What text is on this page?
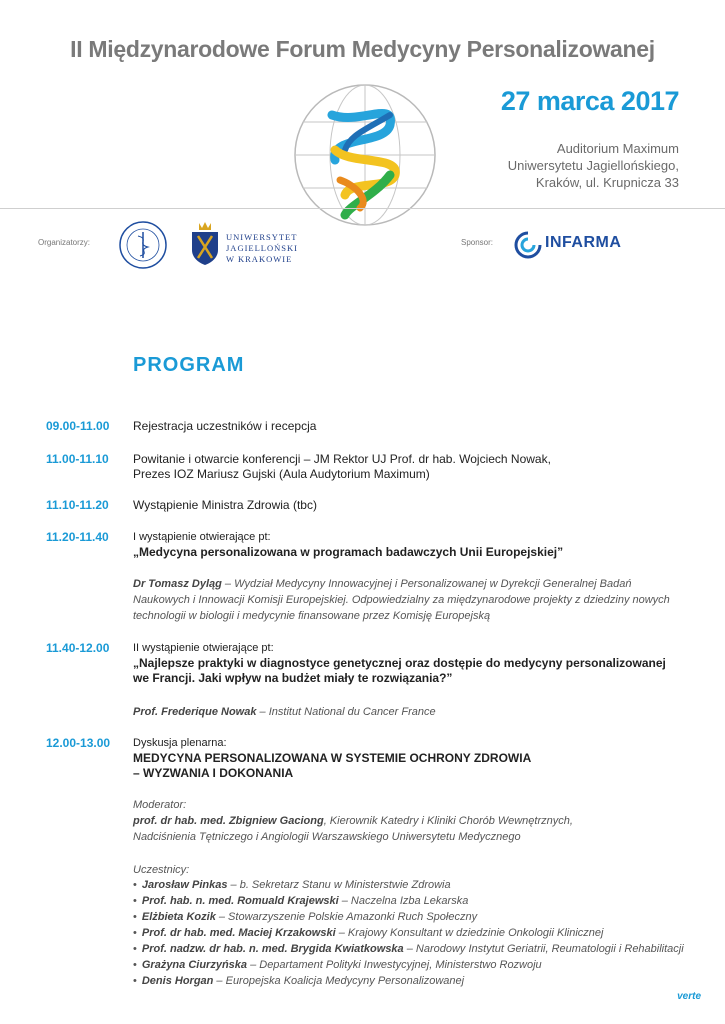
II Międzynarodowe Forum Medycyny Personalizowanej
27 marca 2017
Auditorium Maximum
Uniwersytetu Jagiellońskiego,
Kraków, ul. Krupnicza 33
Organizatorzy:
UNIWERSYTET
JAGIELLOŃSKI
W KRAKOWIE
Sponsor:	INFARMA
PROGRAM
09.00-11.00 Rejestracja uczestników i recepcja
11.00-11.10 Powitanie i otwarcie konferencji – JM Rektor UJ Prof. dr hab. Wojciech Nowak,
Prezes IOZ Mariusz Gujski (Aula Audytorium Maximum)
11.10-11.20 Wystąpienie Ministra Zdrowia (tbc)
11.20-11.40 I wystąpienie otwierające pt:
„Medycyna personalizowana w programach badawczych Unii Europejskiej”
Dr Tomasz Dyląg – Wydział Medycyny Innowacyjnej i Personalizowanej w Dyrekcji Generalnej Badań
Naukowych i Innowacji Komisji Europejskiej. Odpowiedzialny za międzynarodowe projekty z dziedziny nowych
technologii w biologii i medycynie finansowane przez Komisję Europejską
11.40-12.00 II wystąpienie otwierające pt:
„Najlepsze praktyki w diagnostyce genetycznej oraz dostępie do medycyny personalizowanej
we Francji. Jaki wpływ na budżet miały te rozwiązania?”
Prof. Frederique Nowak – Institut National du Cancer France
12.00-13.00 Dyskusja plenarna:
MEDYCYNA PERSONALIZOWANA W SYSTEMIE OCHRONY ZDROWIA
– WYZWANIA I DOKONANIA
Moderator:
prof. dr hab. med. Zbigniew Gaciong, Kierownik Katedry i Kliniki Chorób Wewnętrznych,
Nadciśnienia Tętniczego i Angiologii Warszawskiego Uniwersytetu Medycznego
Uczestnicy:
• Jarosław Pinkas – b. Sekretarz Stanu w Ministerstwie Zdrowia
• Prof. hab. n. med. Romuald Krajewski – Naczelna Izba Lekarska
• Elżbieta Kozik – Stowarzyszenie Polskie Amazonki Ruch Społeczny
• Prof. dr hab. med. Maciej Krzakowski – Krajowy Konsultant w dziedzinie Onkologii Klinicznej
• Prof. nadzw. dr hab. n. med. Brygida Kwiatkowska – Narodowy Instytut Geriatrii, Reumatologii i Rehabilitacji
• Grażyna Ciurzyńska – Departament Polityki Inwestycyjnej, Ministerstwo Rozwoju
• Denis Horgan – Europejska Koalicja Medycyny Personalizowanej
verte
